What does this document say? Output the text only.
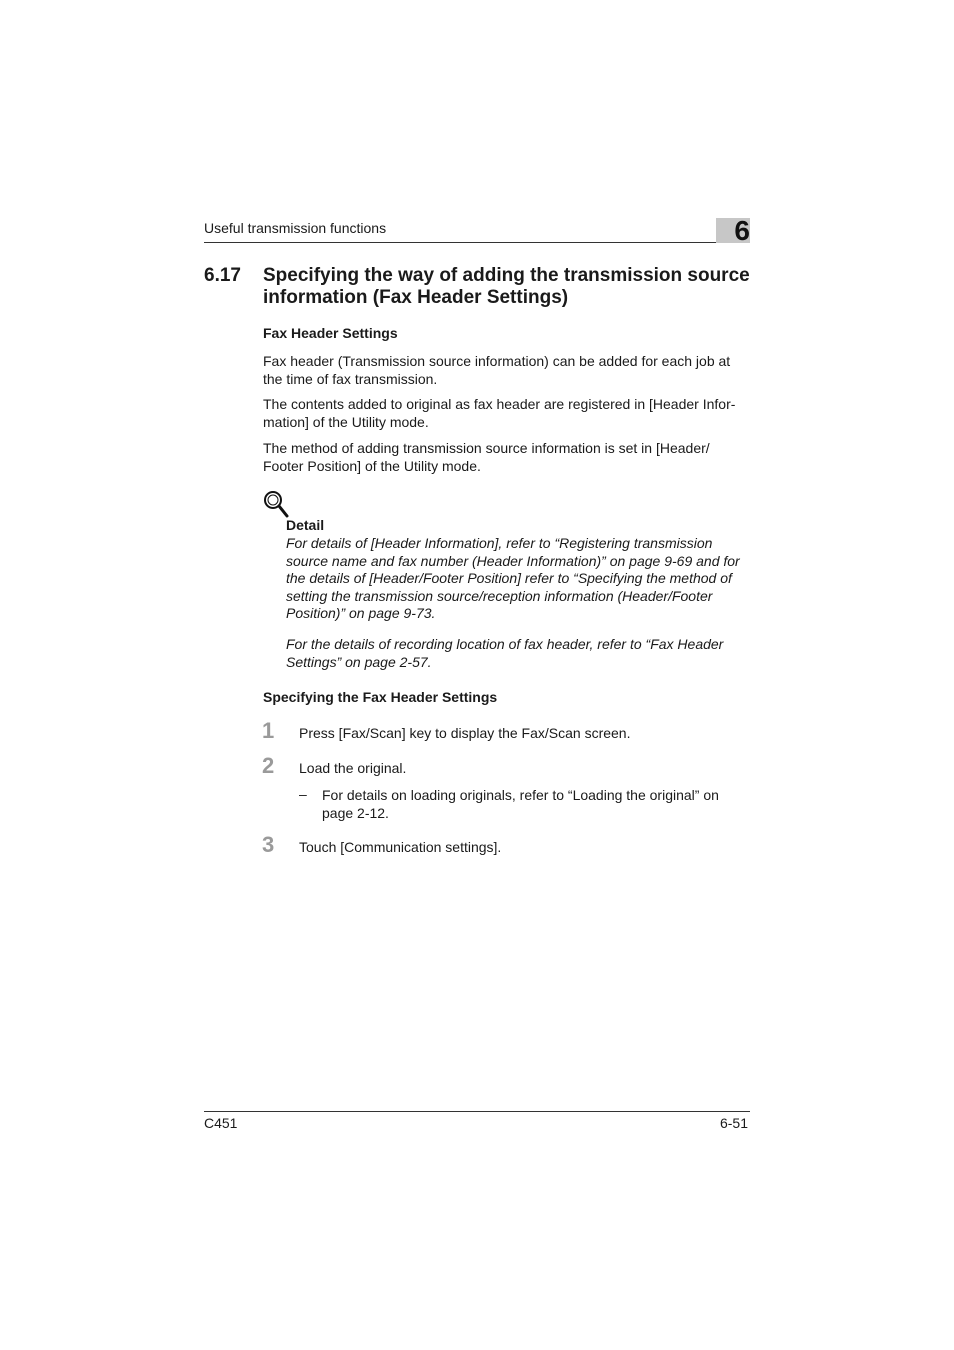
Useful transmission functions	6
6.17 Specifying the way of adding the transmission source information (Fax Header Settings)
Fax Header Settings
Fax header (Transmission source information) can be added for each job at the time of fax transmission.
The contents added to original as fax header are registered in [Header Infor-mation] of the Utility mode.
The method of adding transmission source information is set in [Header/ Footer Position] of the Utility mode.
Detail
For details of [Header Information], refer to “Registering transmission source name and fax number (Header Information)” on page 9-69 and for the details of [Header/Footer Position] refer to “Specifying the method of setting the transmission source/reception information (Header/Footer Position)” on page 9-73.
For the details of recording location of fax header, refer to “Fax Header Settings” on page 2-57.
Specifying the Fax Header Settings
1 Press [Fax/Scan] key to display the Fax/Scan screen.
2 Load the original.
– For details on loading originals, refer to “Loading the original” on page 2-12.
3 Touch [Communication settings].
C451	6-51
